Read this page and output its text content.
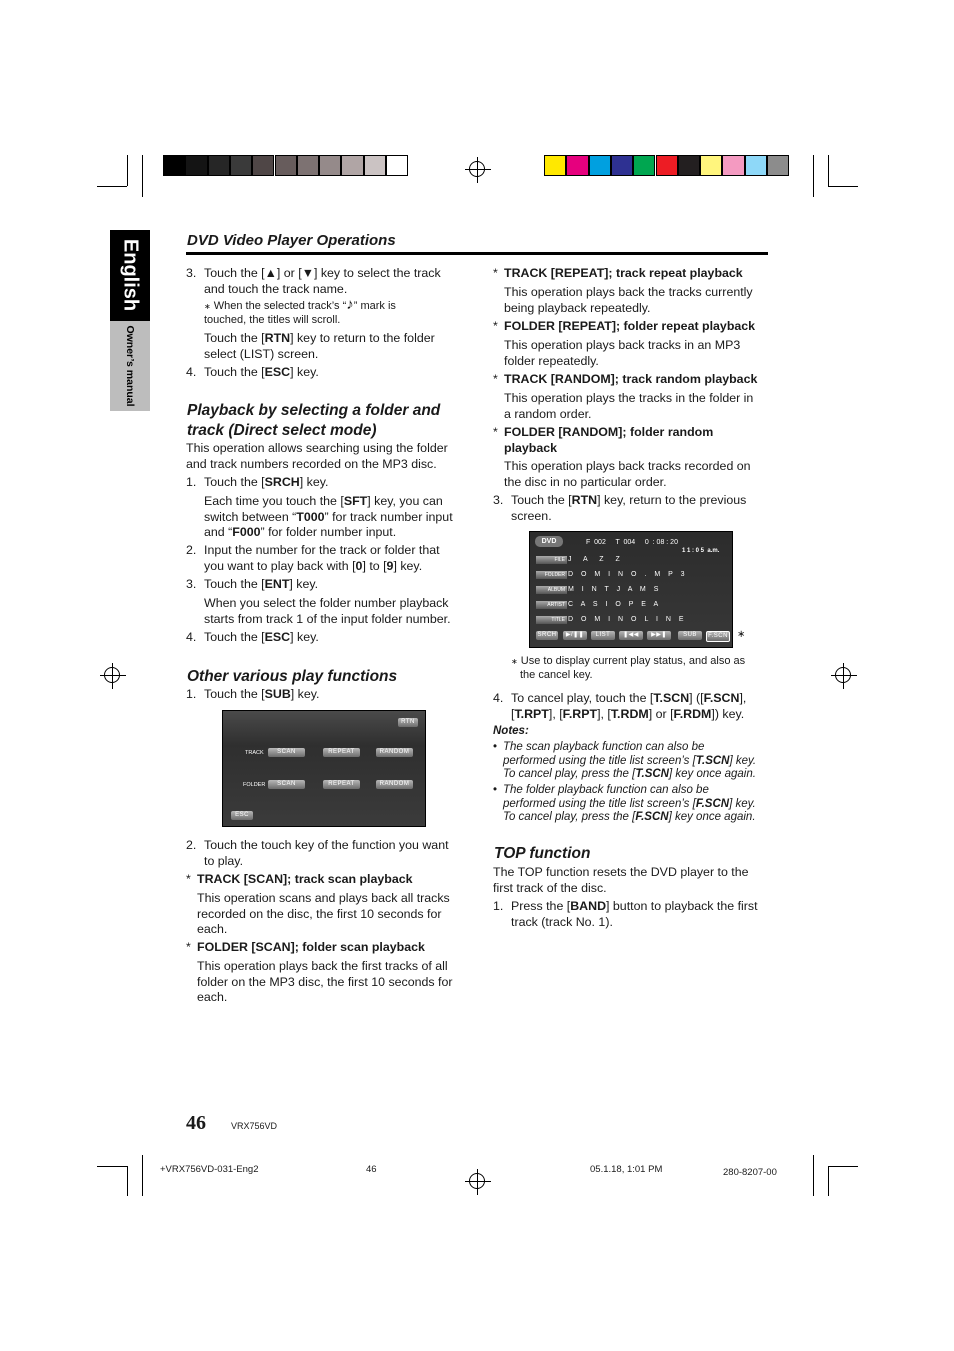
English
Owner’s manual
DVD Video Player Operations
3. Touch the [▲] or [▼] key to select the track
and touch the track name.
∗ When the selected track’s “♪” mark is
touched, the titles will scroll.
Touch the [RTN] key to return to the folder
select (LIST) screen.
4. Touch the [ESC] key.
Playback by selecting a folder and
track (Direct select mode)
This operation allows searching using the folder
and track numbers recorded on the MP3 disc.
1. Touch the [SRCH] key.
Each time you touch the [SFT] key, you can
switch between “T000” for track number input
and “F000” for folder number input.
2. Input the number for the track or folder that
you want to play back with [0] to [9] key.
3. Touch the [ENT] key.
When you select the folder number playback
starts from track 1 of the input folder number.
4. Touch the [ESC] key.
Other various play functions
1. Touch the [SUB] key.
RTN
TRACK	SCAN	REPEAT	RANDOM
FOLDER	SCAN	REPEAT	RANDOM
ESC
2. Touch the touch key of the function you want
to play.
* TRACK [SCAN]; track scan playback
This operation scans and plays back all tracks
recorded on the disc, the first 10 seconds for
each.
* FOLDER [SCAN]; folder scan playback
This operation plays back the first tracks of all
folder on the MP3 disc, the first 10 seconds for
each.
* TRACK [REPEAT]; track repeat playback
This operation plays back the tracks currently
being playback repeatedly.
* FOLDER [REPEAT]; folder repeat playback
This operation plays back tracks in an MP3
folder repeatedly.
* TRACK [RANDOM]; track random playback
This operation plays the tracks in the folder in
a random order.
* FOLDER [RANDOM]; folder random
playback
This operation plays back tracks recorded on
the disc in no particular order.
3. Touch the [RTN] key, return to the previous
screen.
DVD	F  002     T  004     0  : 08 : 20
1 1 : 0 5  a.m.
FILE J A Z Z
FOLDER D O M I N O . M P 3
ALBUM M I N T J A M S
ARTIST C A S I O P E A
TITLE D O M I N O L I N E
SRCH	▶/❚❚	LIST	❚◀◀	▶▶❚	SUB	F.SCN ∗
∗ Use to display current play status, and also as
the cancel key.
4. To cancel play, touch the [T.SCN] ([F.SCN],
[T.RPT], [F.RPT], [T.RDM] or [F.RDM]) key.
Notes:
• The scan playback function can also be
performed using the title list screen’s [T.SCN] key.
To cancel play, press the [T.SCN] key once again.
• The folder playback function can also be
performed using the title list screen’s [F.SCN] key.
To cancel play, press the [F.SCN] key once again.
TOP function
The TOP function resets the DVD player to the
first track of the disc.
1. Press the [BAND] button to playback the first
track (track No. 1).
46	VRX756VD
+VRX756VD-031-Eng2	46	05.1.18, 1:01 PM	280-8207-00
